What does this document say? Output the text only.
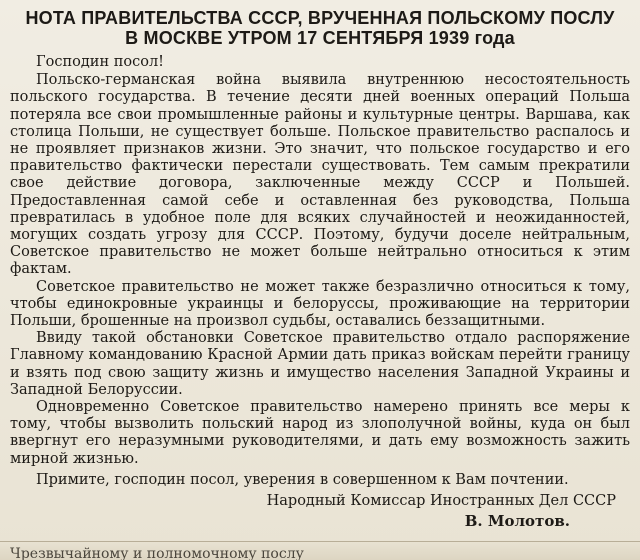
НОТА ПРАВИТЕЛЬСТВА СССР, ВРУЧЕННАЯ ПОЛЬСКОМУ ПОСЛУ
В МОСКВЕ УТРОМ 17 СЕНТЯБРЯ 1939 года

Господин посол!

Польско-германская война выявила внутреннюю несостоятельность польского государства. В течение десяти дней военных операций Польша потеряла все свои промышленные районы и культурные центры. Варшава, как столица Польши, не существует больше. Польское правительство распалось и не проявляет признаков жизни. Это значит, что польское государство и его правительство фактически перестали существовать. Тем самым прекратили свое действие договора, заключенные между СССР и Польшей. Предоставленная самой себе и оставленная без руководства, Польша превратилась в удобное поле для всяких случайностей и неожиданностей, могущих создать угрозу для СССР. Поэтому, будучи доселе нейтральным, Советское правительство не может больше нейтрально относиться к этим фактам.

Советское правительство не может также безразлично относиться к тому, чтобы единокровные украинцы и белоруссы, проживающие на территории Польши, брошенные на произвол судьбы, оставались беззащитными.

Ввиду такой обстановки Советское правительство отдало распоряжение Главному командованию Красной Армии дать приказ войскам перейти границу и взять под свою защиту жизнь и имущество населения Западной Украины и Западной Белоруссии.

Одновременно Советское правительство намерено принять все меры к тому, чтобы вызволить польский народ из злополучной войны, куда он был ввергнут его неразумными руководителями, и дать ему возможность зажить мирной жизнью.

Примите, господин посол, уверения в совершенном к Вам почтении.

Народный Комиссар Иностранных Дел СССР
В. Молотов.
Чрезвычайному и полномочному послу
